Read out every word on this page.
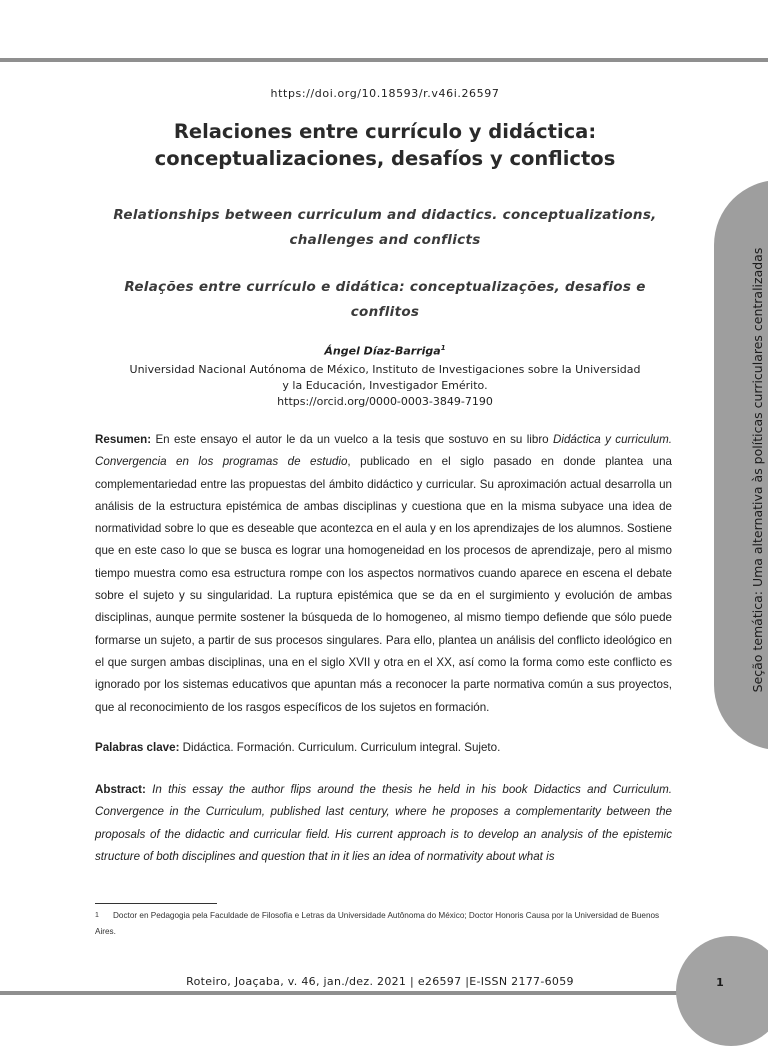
Seção temática: Uma alternativa às políticas curriculares centralizadas
https://doi.org/10.18593/r.v46i.26597
Relaciones entre currículo y didáctica:
conceptualizaciones, desafíos y conflictos
Relationships between curriculum and didactics. conceptualizations,
challenges and conflicts
Relações entre currículo e didática: conceptualizações, desafios e
conflitos
Ángel Díaz-Barriga$^1$
Universidad Nacional Autónoma de México, Instituto de Investigaciones sobre la Universidad
y la Educación, Investigador Emérito.
https://orcid.org/0000-0003-3849-7190
Resumen: En este ensayo el autor le da un vuelco a la tesis que sostuvo en su libro Didáctica y curriculum. Convergencia en los programas de estudio, publicado en el siglo pasado en donde plantea una complementariedad entre las propuestas del ámbito didáctico y curricular. Su aproximación actual desarrolla un análisis de la estructura epistémica de ambas disciplinas y cuestiona que en la misma subyace una idea de normatividad sobre lo que es deseable que acontezca en el aula y en los aprendizajes de los alumnos. Sostiene que en este caso lo que se busca es lograr una homogeneidad en los procesos de aprendizaje, pero al mismo tiempo muestra como esa estructura rompe con los aspectos normativos cuando aparece en escena el debate sobre el sujeto y su singularidad. La ruptura epistémica que se da en el surgimiento y evolución de ambas disciplinas, aunque permite sostener la búsqueda de lo homogeneo, al mismo tiempo defiende que sólo puede formarse un sujeto, a partir de sus procesos singulares. Para ello, plantea un análisis del conflicto ideológico en el que surgen ambas disciplinas, una en el siglo XVII y otra en el XX, así como la forma como este conflicto es ignorado por los sistemas educativos que apuntan más a reconocer la parte normativa común a sus proyectos, que al reconocimiento de los rasgos específicos de los sujetos en formación.
Palabras clave: Didáctica. Formación. Curriculum. Curriculum integral. Sujeto.
Abstract: In this essay the author flips around the thesis he held in his book Didactics and Curriculum. Convergence in the Curriculum, published last century, where he proposes a complementarity between the proposals of the didactic and curricular field. His current approach is to develop an analysis of the epistemic structure of both disciplines and question that in it lies an idea of normativity about what is
1 Doctor en Pedagogia pela Faculdade de Filosofia e Letras da Universidade Autônoma do México; Doctor Honoris Causa por la Universidad de Buenos Aires.
Roteiro, Joaçaba, v. 46, jan./dez. 2021 | e26597 |E-ISSN 2177-6059	1
